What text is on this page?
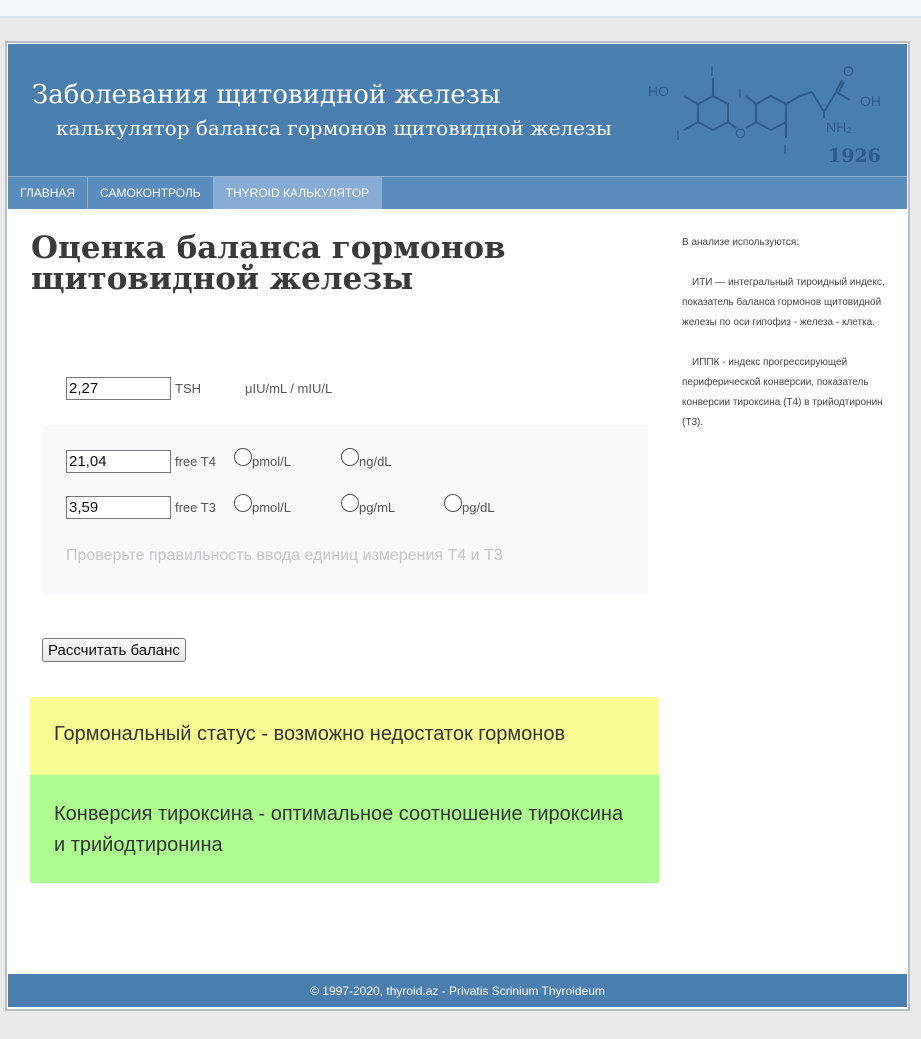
Заболевания щитовидной железы
калькулятор баланса гормонов щитовидной железы
HO
I
I	O
I
I
O
OH
NH₂
1926
ГЛАВНАЯ	САМОКОНТРОЛЬ	THYROID КАЛЬКУЛЯТОР
Оценка баланса гормонов щитовидной железы
2,27
TSH	μIU/mL / mIU/L
21,04
free T4	pmol/L	ng/dL
3,59
free T3	pmol/L	pg/mL	pg/dL
Проверьте правильность ввода единиц измерения Т4 и Т3
Рассчитать баланс
Гормональный статус - возможно недостаток гормонов
Конверсия тироксина - оптимальное соотношение тироксина и трийодтиронина

В анализе используются:

ИТИ — интегральный тироидный индекс, показатель баланса гормонов щитовидной железы по оси гипофиз - железа - клетка.

ИППК - индекс прогрессирующей периферической конверсии, показатель конверсии тироксина (Т4) в трийодтиронин (Т3).

© 1997-2020, thyroid.az - Privatis Scrinium Thyroideum
